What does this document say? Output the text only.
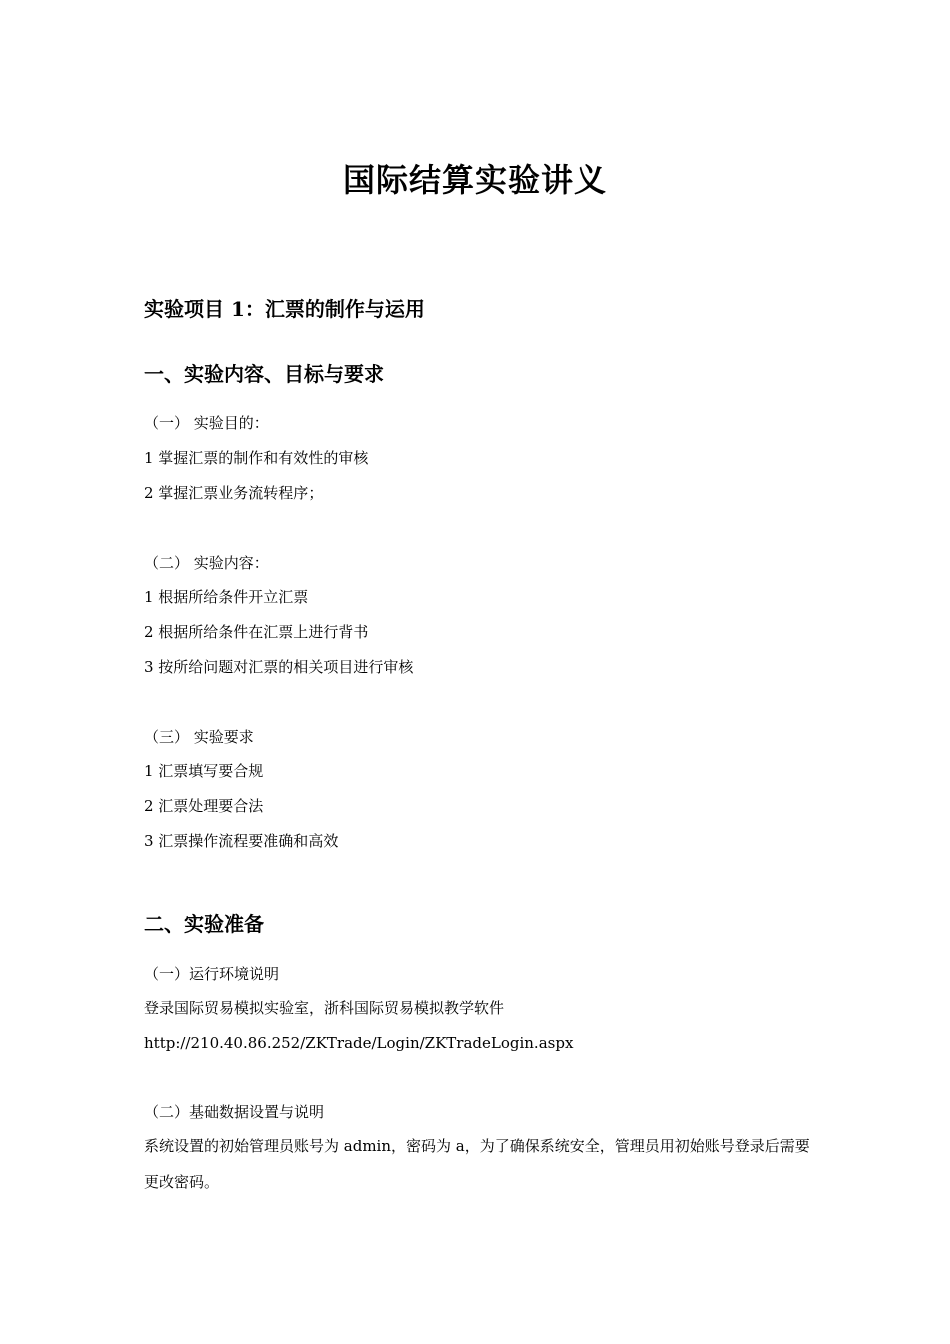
国际结算实验讲义
实验项目 1：汇票的制作与运用
一、实验内容、目标与要求
（一） 实验目的：
1 掌握汇票的制作和有效性的审核
2 掌握汇票业务流转程序；
（二） 实验内容：
1 根据所给条件开立汇票
2 根据所给条件在汇票上进行背书
3 按所给问题对汇票的相关项目进行审核
（三） 实验要求
1 汇票填写要合规
2 汇票处理要合法
3 汇票操作流程要准确和高效
二、实验准备
（一）运行环境说明
登录国际贸易模拟实验室，浙科国际贸易模拟教学软件
http://210.40.86.252/ZKTrade/Login/ZKTradeLogin.aspx
（二）基础数据设置与说明
系统设置的初始管理员账号为 admin，密码为 a，为了确保系统安全，管理员用初始账号登录后需要更改密码。
